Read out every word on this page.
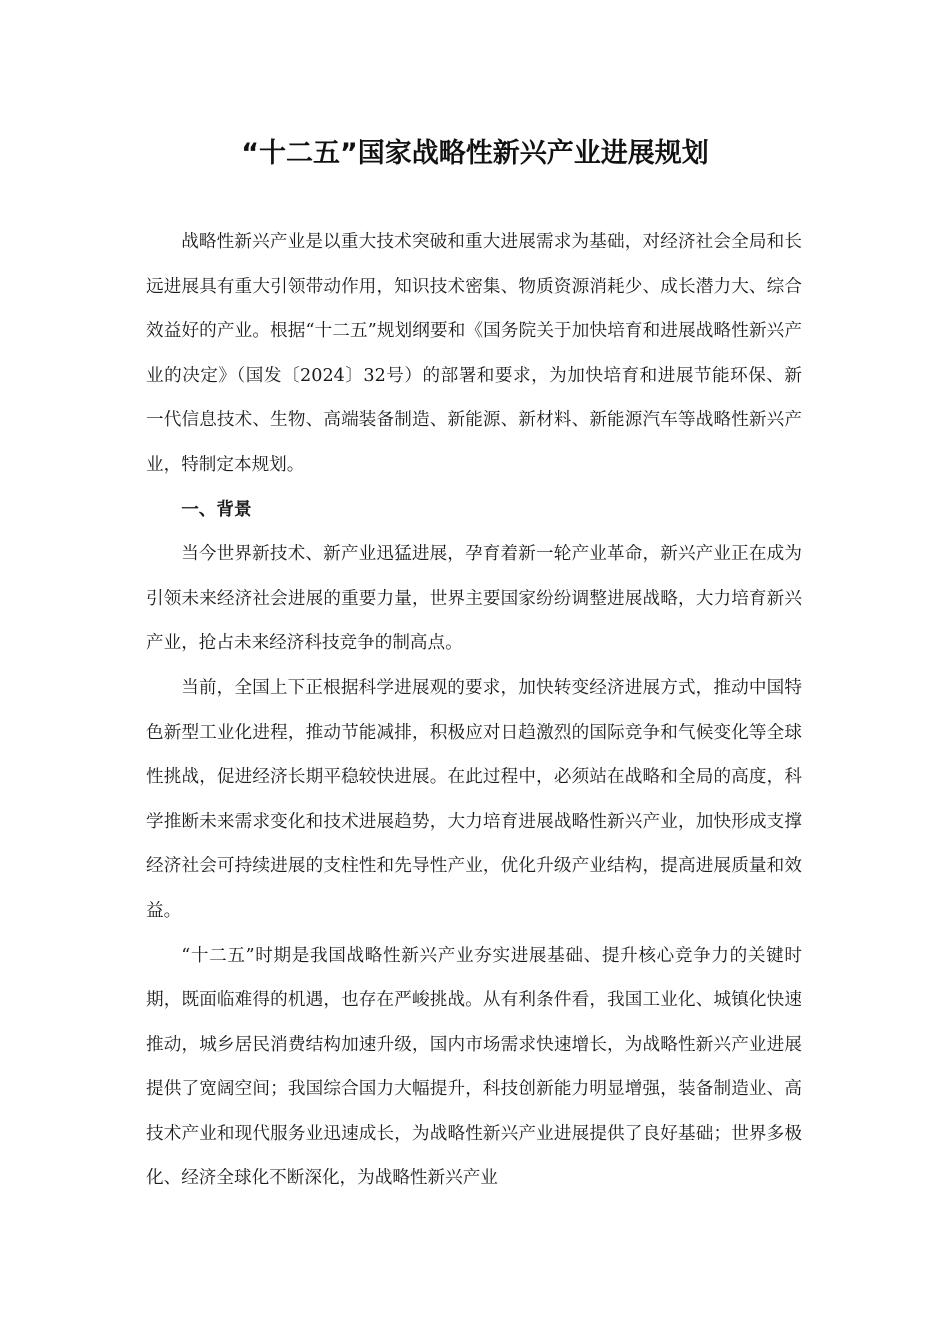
“十二五”国家战略性新兴产业进展规划

战略性新兴产业是以重大技术突破和重大进展需求为基础，对经济社会全局和长远进展具有重大引领带动作用，知识技术密集、物质资源消耗少、成长潜力大、综合效益好的产业。根据“十二五”规划纲要和《国务院关于加快培育和进展战略性新兴产业的决定》（国发〔2024〕32号）的部署和要求，为加快培育和进展节能环保、新一代信息技术、生物、高端装备制造、新能源、新材料、新能源汽车等战略性新兴产业，特制定本规划。

一、背景

当今世界新技术、新产业迅猛进展，孕育着新一轮产业革命，新兴产业正在成为引领未来经济社会进展的重要力量，世界主要国家纷纷调整进展战略，大力培育新兴产业，抢占未来经济科技竞争的制高点。

当前，全国上下正根据科学进展观的要求，加快转变经济进展方式，推动中国特色新型工业化进程，推动节能减排，积极应对日趋激烈的国际竞争和气候变化等全球性挑战，促进经济长期平稳较快进展。在此过程中，必须站在战略和全局的高度，科学推断未来需求变化和技术进展趋势，大力培育进展战略性新兴产业，加快形成支撑经济社会可持续进展的支柱性和先导性产业，优化升级产业结构，提高进展质量和效益。

“十二五”时期是我国战略性新兴产业夯实进展基础、提升核心竞争力的关键时期，既面临难得的机遇，也存在严峻挑战。从有利条件看，我国工业化、城镇化快速推动，城乡居民消费结构加速升级，国内市场需求快速增长，为战略性新兴产业进展提供了宽阔空间；我国综合国力大幅提升，科技创新能力明显增强，装备制造业、高技术产业和现代服务业迅速成长，为战略性新兴产业进展提供了良好基础；世界多极化、经济全球化不断深化，为战略性新兴产业
